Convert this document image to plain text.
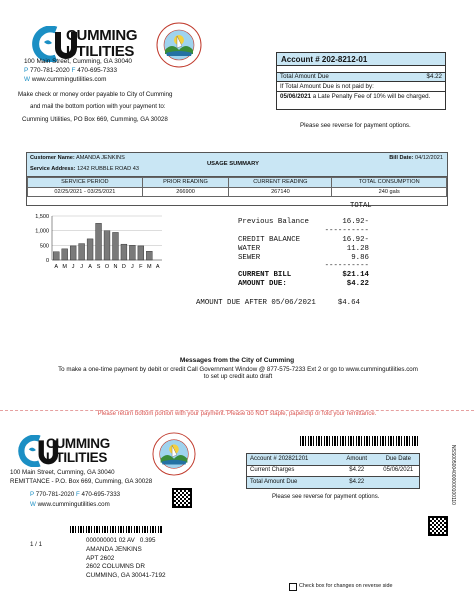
CUMMING
UTILITIES
100 Main Street, Cumming, GA 30040
P 770-781-2020 F 470-695-7333
W www.cummingutilities.com
Make check or money order payable to City of Cumming
and mail the bottom portion with your payment to:
Cumming Utilities, PO Box 669, Cumming, GA 30028
Account # 202-8212-01
Total Amount Due	$4.22
If Total Amount Due is not paid by:
05/06/2021 a Late Penalty Fee of 10% will be charged.
Please see reverse for payment options.
Customer Name: AMANDA JENKINS
Service Address: 1242 RUBBLE ROAD 43
USAGE SUMMARY
Bill Date: 04/12/2021
SERVICE PERIOD	PRIOR READING	CURRENT READING	TOTAL CONSUMPTION
02/25/2021 - 03/25/2021	266900	267140	240 gals
1,500
1,000
500
0
A M J J A S O N D J F M A
TOTAL
Previous Balance	16.92-
	----------
CREDIT BALANCE	16.92-
WATER	11.28
SEWER	9.86
	----------
CURRENT BILL	$21.14
AMOUNT DUE:	$4.22
AMOUNT DUE AFTER 05/06/2021	$4.64
Messages from the City of Cumming
To make a one-time payment by debit or credit Call Government Window @ 877-575-7233 Ext 2 or go to www.cummingutilities.com to set up credit auto draft
Please return bottom portion with your payment. Please do NOT staple, paperclip or fold your remittance.
CUMMING
UTILITIES
100 Main Street, Cumming, GA 30040
REMITTANCE - P.O. Box 669, Cumming, GA 30028
P 770-781-2020 F 470-695-7333
W www.cummingutilities.com
Account # 202821201	Amount	Due Date
Current Charges	$4.22	05/06/2021
Total Amount Due	$4.22
Please see reverse for payment options.	NSS005004000000100110
1 / 1
000000001 02 AV 0.395
AMANDA JENKINS
APT 2602
2602 COLUMNS DR
CUMMING, GA 30041-7192
Check box for changes on reverse side
